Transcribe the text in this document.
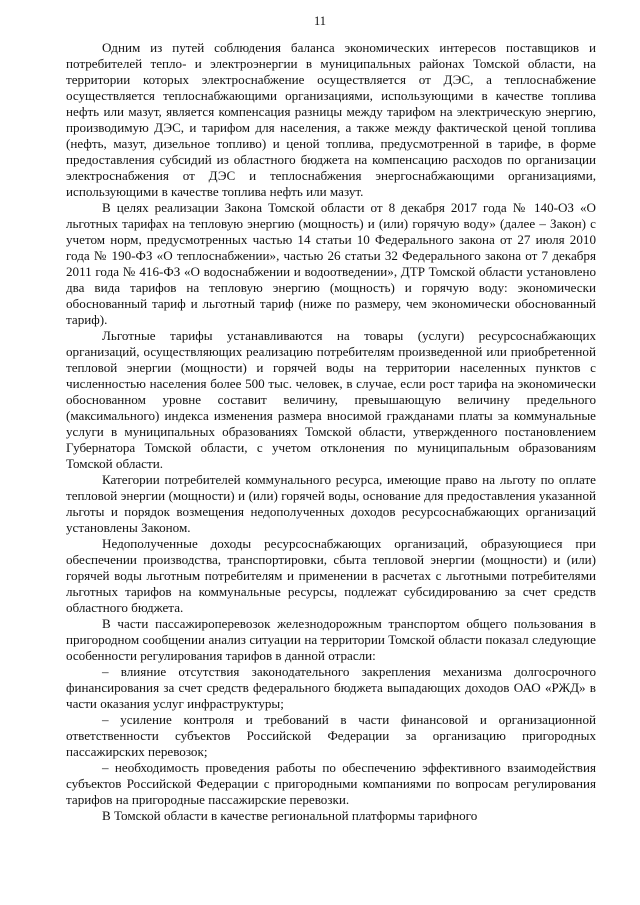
11

Одним из путей соблюдения баланса экономических интересов поставщиков и потребителей тепло- и электроэнергии в муниципальных районах Томской области, на территории которых электроснабжение осуществляется от ДЭС, а теплоснабжение осуществляется теплоснабжающими организациями, использующими в качестве топлива нефть или мазут, является компенсация разницы между тарифом на электрическую энергию, производимую ДЭС, и тарифом для населения, а также между фактической ценой топлива (нефть, мазут, дизельное топливо) и ценой топлива, предусмотренной в тарифе, в форме предоставления субсидий из областного бюджета на компенсацию расходов по организации электроснабжения от ДЭС и теплоснабжения энергоснабжающими организациями, использующими в качестве топлива нефть или мазут.

В целях реализации Закона Томской области от 8 декабря 2017 года № 140-ОЗ «О льготных тарифах на тепловую энергию (мощность) и (или) горячую воду» (далее – Закон) с учетом норм, предусмотренных частью 14 статьи 10 Федерального закона от 27 июля 2010 года № 190-ФЗ «О теплоснабжении», частью 26 статьи 32 Федерального закона от 7 декабря 2011 года № 416-ФЗ «О водоснабжении и водоотведении», ДТР Томской области установлено два вида тарифов на тепловую энергию (мощность) и горячую воду: экономически обоснованный тариф и льготный тариф (ниже по размеру, чем экономически обоснованный тариф).

Льготные тарифы устанавливаются на товары (услуги) ресурсоснабжающих организаций, осуществляющих реализацию потребителям произведенной или приобретенной тепловой энергии (мощности) и горячей воды на территории населенных пунктов с численностью населения более 500 тыс. человек, в случае, если рост тарифа на экономически обоснованном уровне составит величину, превышающую величину предельного (максимального) индекса изменения размера вносимой гражданами платы за коммунальные услуги в муниципальных образованиях Томской области, утвержденного постановлением Губернатора Томской области, с учетом отклонения по муниципальным образованиям Томской области.

Категории потребителей коммунального ресурса, имеющие право на льготу по оплате тепловой энергии (мощности) и (или) горячей воды, основание для предоставления указанной льготы и порядок возмещения недополученных доходов ресурсоснабжающих организаций установлены Законом.

Недополученные доходы ресурсоснабжающих организаций, образующиеся при обеспечении производства, транспортировки, сбыта тепловой энергии (мощности) и (или) горячей воды льготным потребителям и применении в расчетах с льготными потребителями льготных тарифов на коммунальные ресурсы, подлежат субсидированию за счет средств областного бюджета.

В части пассажироперевозок железнодорожным транспортом общего пользования в пригородном сообщении анализ ситуации на территории Томской области показал следующие особенности регулирования тарифов в данной отрасли:

– влияние отсутствия законодательного закрепления механизма долгосрочного финансирования за счет средств федерального бюджета выпадающих доходов ОАО «РЖД» в части оказания услуг инфраструктуры;

– усиление контроля и требований в части финансовой и организационной ответственности субъектов Российской Федерации за организацию пригородных пассажирских перевозок;

– необходимость проведения работы по обеспечению эффективного взаимодействия субъектов Российской Федерации с пригородными компаниями по вопросам регулирования тарифов на пригородные пассажирские перевозки.

В Томской области в качестве региональной платформы тарифного
